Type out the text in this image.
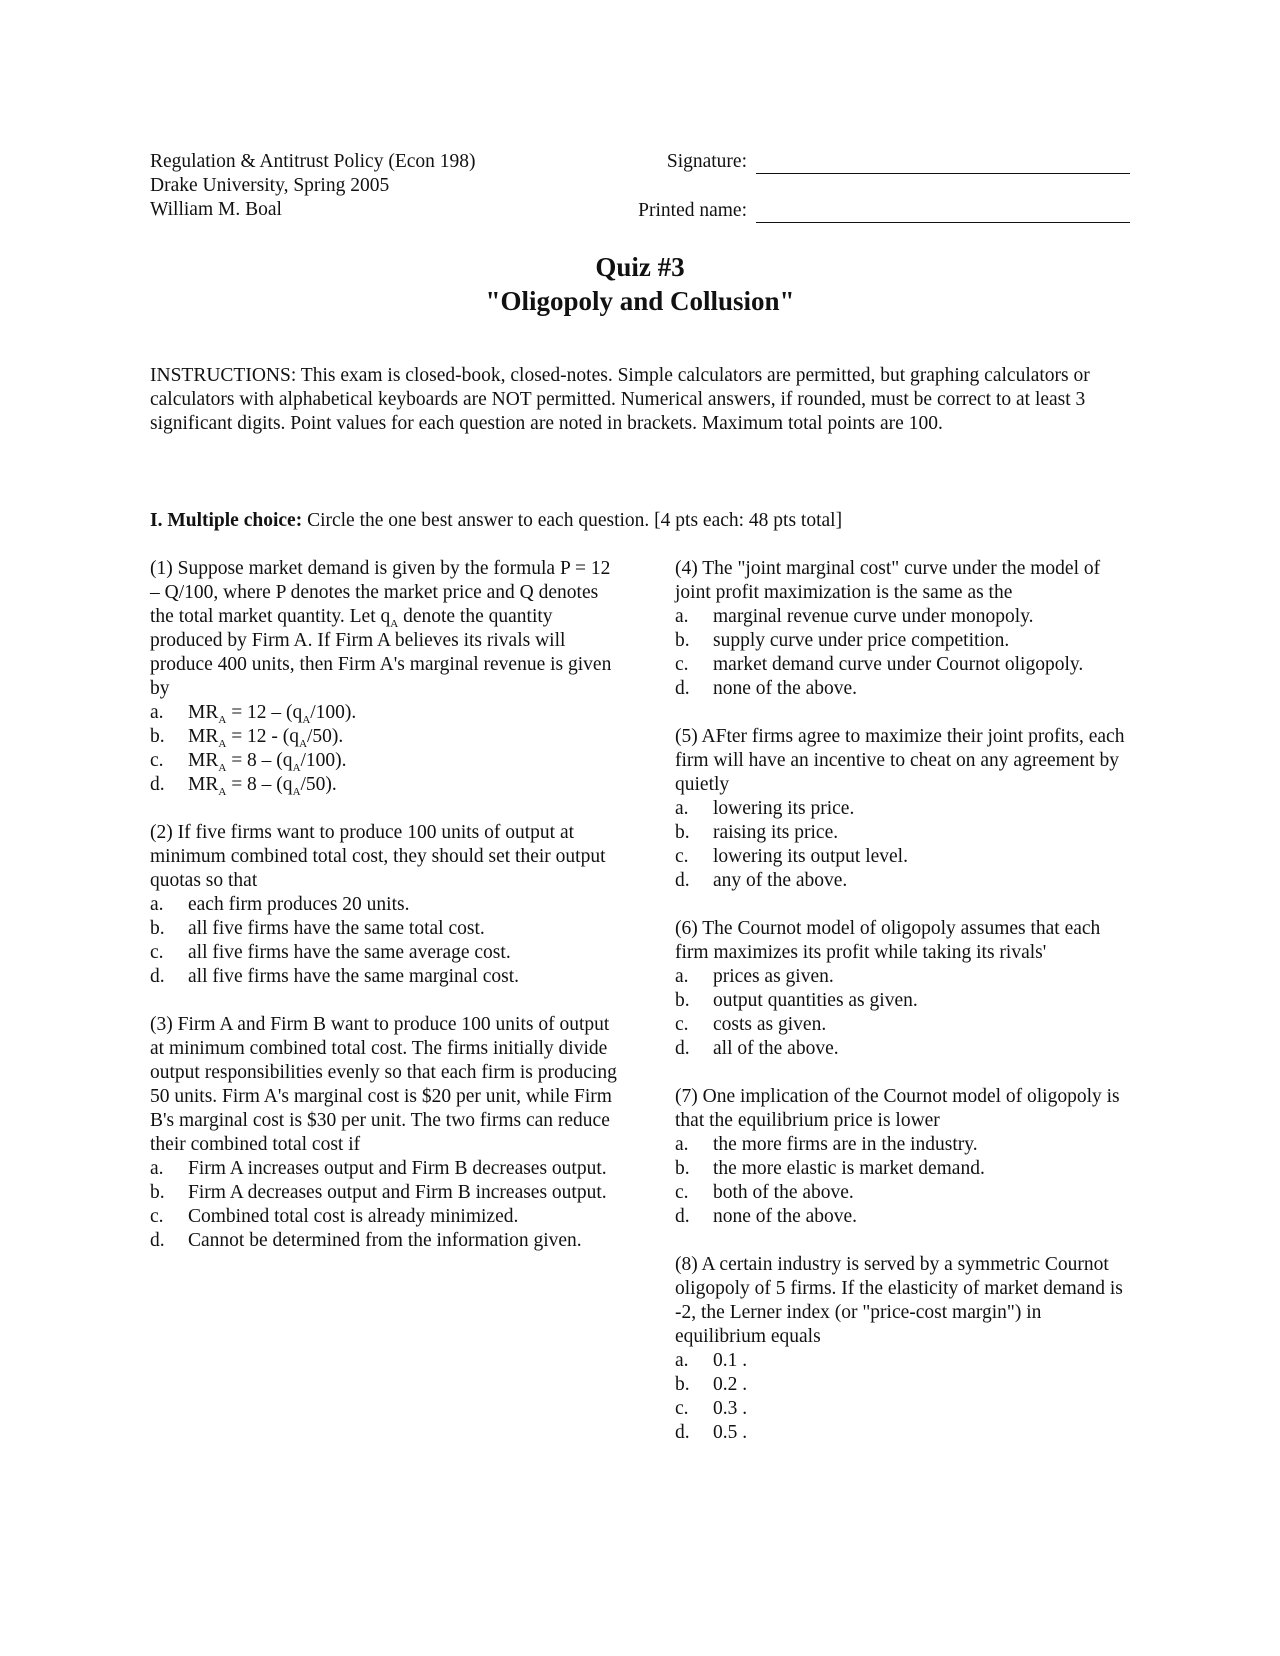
Regulation & Antitrust Policy (Econ 198)
Drake University, Spring 2005
William M. Boal
Signature:
Printed name:
Quiz #3
"Oligopoly and Collusion"
INSTRUCTIONS: This exam is closed-book, closed-notes. Simple calculators are permitted, but graphing calculators or calculators with alphabetical keyboards are NOT permitted. Numerical answers, if rounded, must be correct to at least 3 significant digits. Point values for each question are noted in brackets. Maximum total points are 100.
I. Multiple choice: Circle the one best answer to each question. [4 pts each: 48 pts total]
(1) Suppose market demand is given by the formula P = 12 – Q/100, where P denotes the market price and Q denotes the total market quantity. Let $q_A$ denote the quantity produced by Firm A. If Firm A believes its rivals will produce 400 units, then Firm A's marginal revenue is given by
a.	$MR_A = 12 - (q_A/100)$.
b.	$MR_A = 12 - (q_A/50)$.
c.	$MR_A = 8 - (q_A/100)$.
d.	$MR_A = 8 - (q_A/50)$.
(2) If five firms want to produce 100 units of output at minimum combined total cost, they should set their output quotas so that
a.	each firm produces 20 units.
b.	all five firms have the same total cost.
c.	all five firms have the same average cost.
d.	all five firms have the same marginal cost.
(3) Firm A and Firm B want to produce 100 units of output at minimum combined total cost. The firms initially divide output responsibilities evenly so that each firm is producing 50 units. Firm A's marginal cost is $20 per unit, while Firm B's marginal cost is $30 per unit. The two firms can reduce their combined total cost if
a.	Firm A increases output and Firm B decreases output.
b.	Firm A decreases output and Firm B increases output.
c.	Combined total cost is already minimized.
d.	Cannot be determined from the information given.
(4) The "joint marginal cost" curve under the model of joint profit maximization is the same as the
a.	marginal revenue curve under monopoly.
b.	supply curve under price competition.
c.	market demand curve under Cournot oligopoly.
d.	none of the above.
(5) AFter firms agree to maximize their joint profits, each firm will have an incentive to cheat on any agreement by quietly
a.	lowering its price.
b.	raising its price.
c.	lowering its output level.
d.	any of the above.
(6) The Cournot model of oligopoly assumes that each firm maximizes its profit while taking its rivals'
a.	prices as given.
b.	output quantities as given.
c.	costs as given.
d.	all of the above.
(7) One implication of the Cournot model of oligopoly is that the equilibrium price is lower
a.	the more firms are in the industry.
b.	the more elastic is market demand.
c.	both of the above.
d.	none of the above.
(8) A certain industry is served by a symmetric Cournot oligopoly of 5 firms. If the elasticity of market demand is -2, the Lerner index (or "price-cost margin") in equilibrium equals
a.	0.1 .
b.	0.2 .
c.	0.3 .
d.	0.5 .
